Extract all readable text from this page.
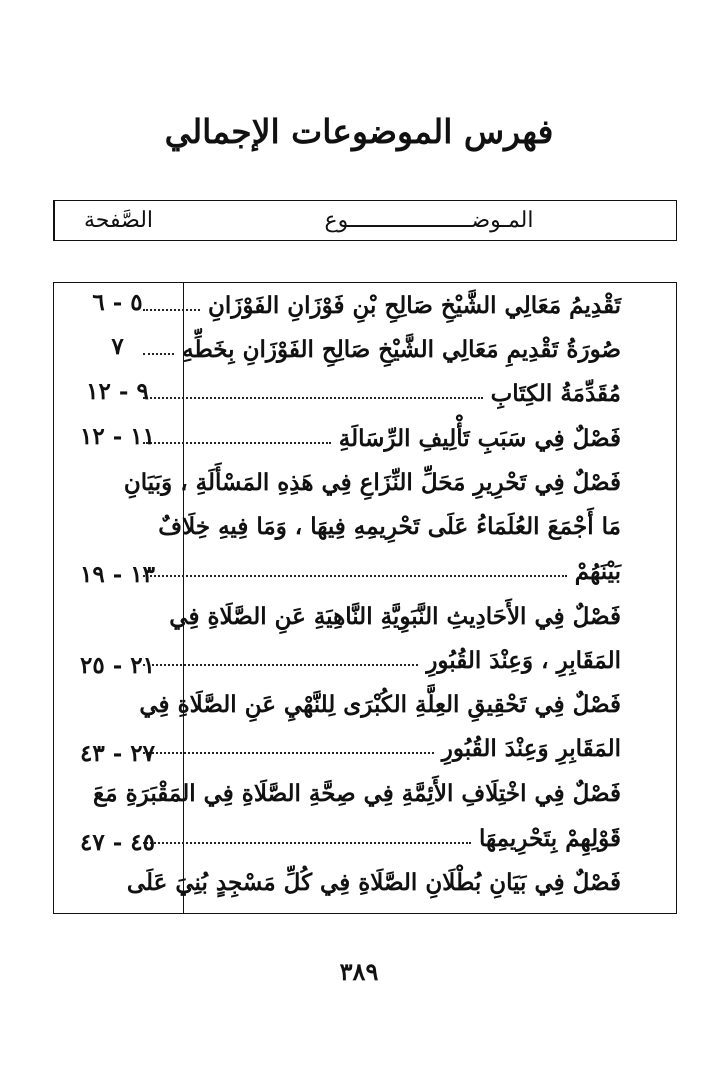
فهرس الموضوعات الإجمالي
المـوضـــــــــــــــــــوع
الصَّفحة
تَقْدِيمُ مَعَالِي الشَّيْخِ صَالِحِ بْنِ فَوْزَانِ الفَوْزَانِ
٥ - ٦
صُورَةُ تَقْدِيمِ مَعَالِي الشَّيْخِ صَالِحِ الفَوْزَانِ بِخَطِّهِ
٧
مُقَدِّمَةُ الكِتَابِ
٩ - ١٢
فَصْلٌ فِي سَبَبِ تَأْلِيفِ الرِّسَالَةِ
١١ - ١٢
فَصْلٌ فِي تَحْرِيرِ مَحَلِّ النِّزَاعِ فِي هَذِهِ المَسْأَلَةِ ، وَبَيَانِ
مَا أَجْمَعَ العُلَمَاءُ عَلَى تَحْرِيمِهِ فِيهَا ، وَمَا فِيهِ خِلَافٌ
بَيْنَهُمْ
١٣ - ١٩
فَصْلٌ فِي الأَحَادِيثِ النَّبَوِيَّةِ النَّاهِيَةِ عَنِ الصَّلَاةِ فِي
المَقَابِرِ ، وَعِنْدَ القُبُورِ
٢١ - ٢٥
فَصْلٌ فِي تَحْقِيقِ العِلَّةِ الكُبْرَى لِلنَّهْيِ عَنِ الصَّلَاةِ فِي
المَقَابِرِ وَعِنْدَ القُبُورِ
٢٧ - ٤٣
فَصْلٌ فِي اخْتِلَافِ الأَئِمَّةِ فِي صِحَّةِ الصَّلَاةِ فِي المَقْبَرَةِ مَعَ
قَوْلِهِمْ بِتَحْرِيمِهَا
٤٥ - ٤٧
فَصْلٌ فِي بَيَانِ بُطْلَانِ الصَّلَاةِ فِي كُلِّ مَسْجِدٍ بُنِيَ عَلَى
٣٨٩
